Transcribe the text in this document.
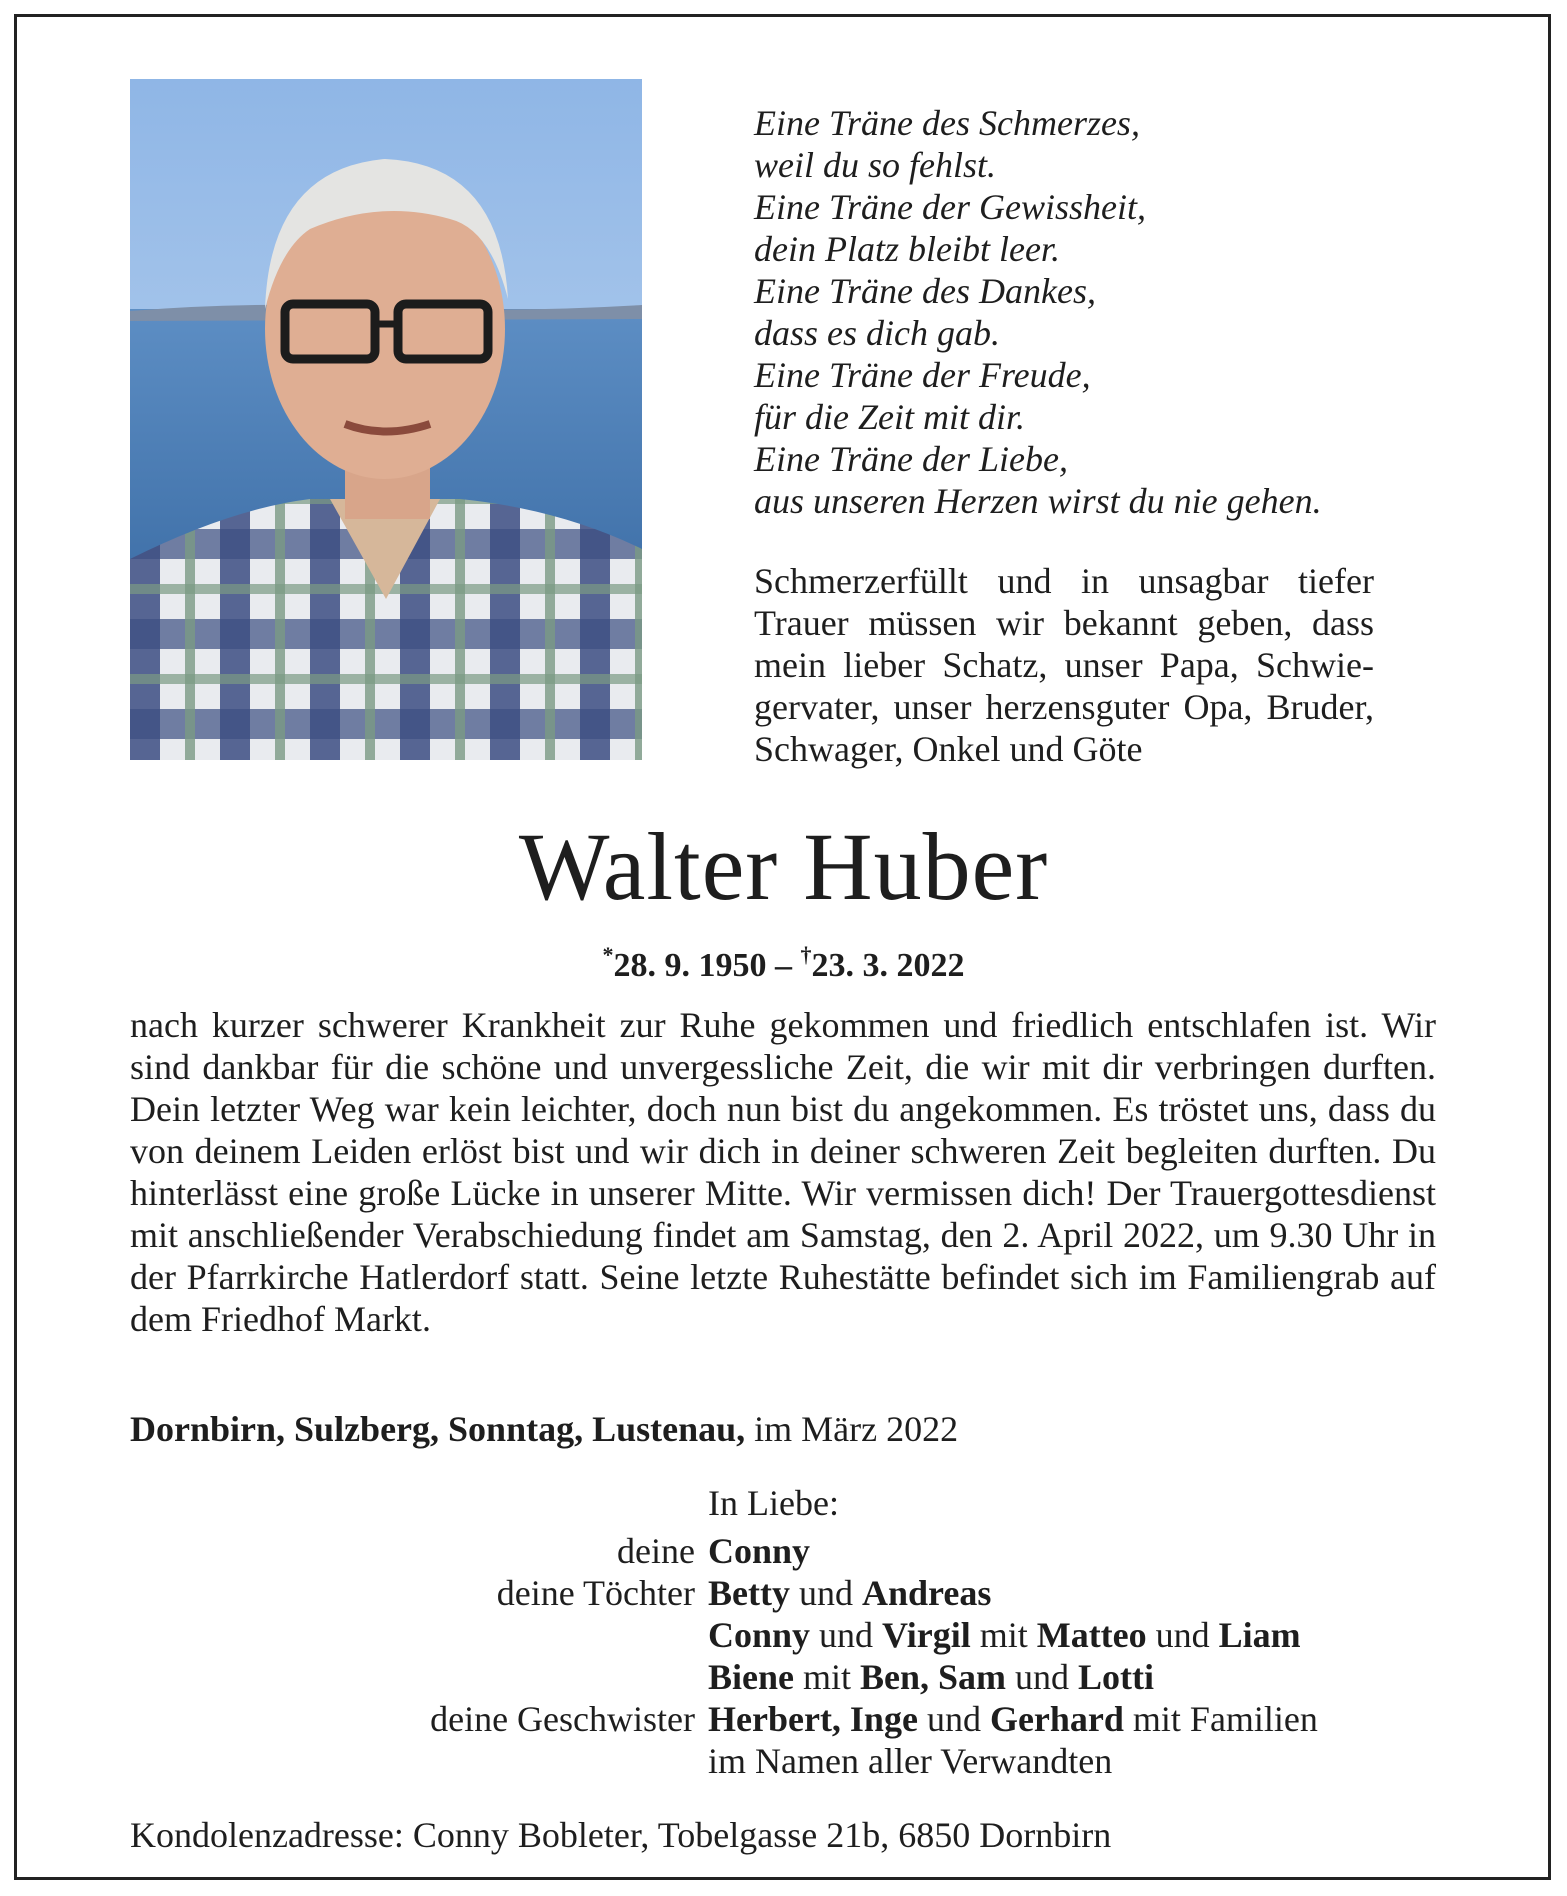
Eine Träne des Schmerzes,
weil du so fehlst.
Eine Träne der Gewissheit,
dein Platz bleibt leer.
Eine Träne des Dankes,
dass es dich gab.
Eine Träne der Freude,
für die Zeit mit dir.
Eine Träne der Liebe,
aus unseren Herzen wirst du nie gehen.
Schmerzerfüllt und in unsagbar tiefer Trauer müssen wir bekannt geben, dass mein lieber Schatz, unser Papa, Schwiegervater, unser herzensguter Opa, Bruder, Schwager, Onkel und Göte
Walter Huber
*28. 9. 1950 – †23. 3. 2022
nach kurzer schwerer Krankheit zur Ruhe gekommen und friedlich entschlafen ist. Wir sind dankbar für die schöne und unvergessliche Zeit, die wir mit dir verbringen durften. Dein letzter Weg war kein leichter, doch nun bist du angekommen. Es tröstet uns, dass du von deinem Leiden erlöst bist und wir dich in deiner schweren Zeit begleiten durften. Du hinterlässt eine große Lücke in unserer Mitte. Wir vermissen dich! Der Trauergottesdienst mit anschließender Verabschiedung findet am Samstag, den 2. April 2022, um 9.30 Uhr in der Pfarrkirche Hatlerdorf statt. Seine letzte Ruhestätte befindet sich im Familiengrab auf dem Friedhof Markt.
Dornbirn, Sulzberg, Sonntag, Lustenau, im März 2022
In Liebe:
deine Conny
deine Töchter Betty und Andreas
Conny und Virgil mit Matteo und Liam
Biene mit Ben, Sam und Lotti
deine Geschwister Herbert, Inge und Gerhard mit Familien
im Namen aller Verwandten
Kondolenzadresse: Conny Bobleter, Tobelgasse 21b, 6850 Dornbirn
